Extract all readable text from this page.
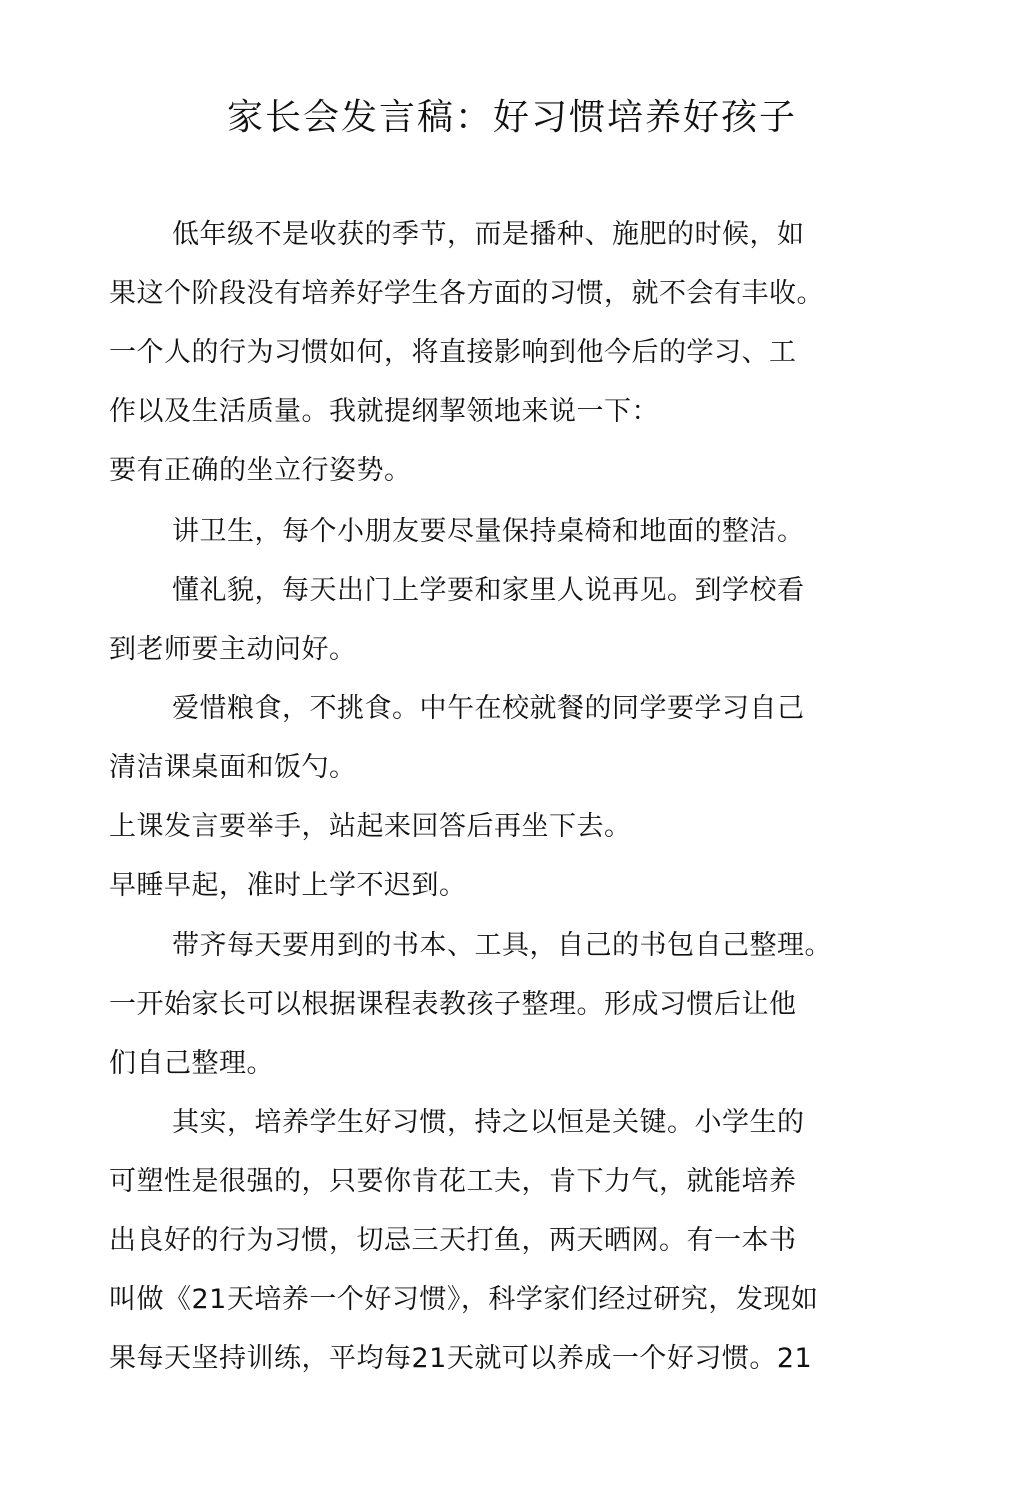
家长会发言稿：好习惯培养好孩子
低年级不是收获的季节，而是播种、施肥的时候，如
果这个阶段没有培养好学生各方面的习惯，就不会有丰收。
一个人的行为习惯如何，将直接影响到他今后的学习、工
作以及生活质量。我就提纲挈领地来说一下：
要有正确的坐立行姿势。
讲卫生，每个小朋友要尽量保持桌椅和地面的整洁。
懂礼貌，每天出门上学要和家里人说再见。到学校看
到老师要主动问好。
爱惜粮食，不挑食。中午在校就餐的同学要学习自己
清洁课桌面和饭勺。
上课发言要举手，站起来回答后再坐下去。
早睡早起，准时上学不迟到。
带齐每天要用到的书本、工具，自己的书包自己整理。
一开始家长可以根据课程表教孩子整理。形成习惯后让他
们自己整理。
其实，培养学生好习惯，持之以恒是关键。小学生的
可塑性是很强的，只要你肯花工夫，肯下力气，就能培养
出良好的行为习惯，切忌三天打鱼，两天晒网。有一本书
叫做《21天培养一个好习惯》，科学家们经过研究，发现如
果每天坚持训练，平均每21天就可以养成一个好习惯。21
